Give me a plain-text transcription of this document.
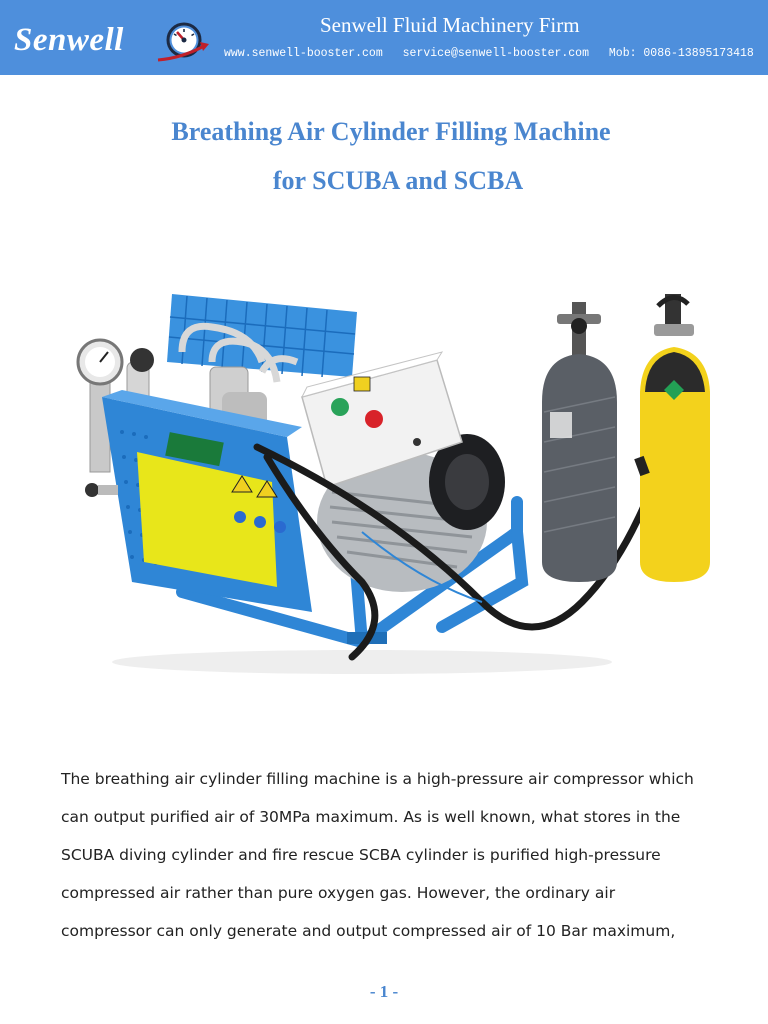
Senwell	Senwell Fluid Machinery Firm
www.senwell-booster.com service@senwell-booster.com Mob: 0086-13895173418
Breathing Air Cylinder Filling Machine
for SCUBA and SCBA
The breathing air cylinder filling machine is a high-pressure air compressor which
can output purified air of 30MPa maximum. As is well known, what stores in the
SCUBA diving cylinder and fire rescue SCBA cylinder is purified high-pressure
compressed air rather than pure oxygen gas. However, the ordinary air
compressor can only generate and output compressed air of 10 Bar maximum,
- 1 -
